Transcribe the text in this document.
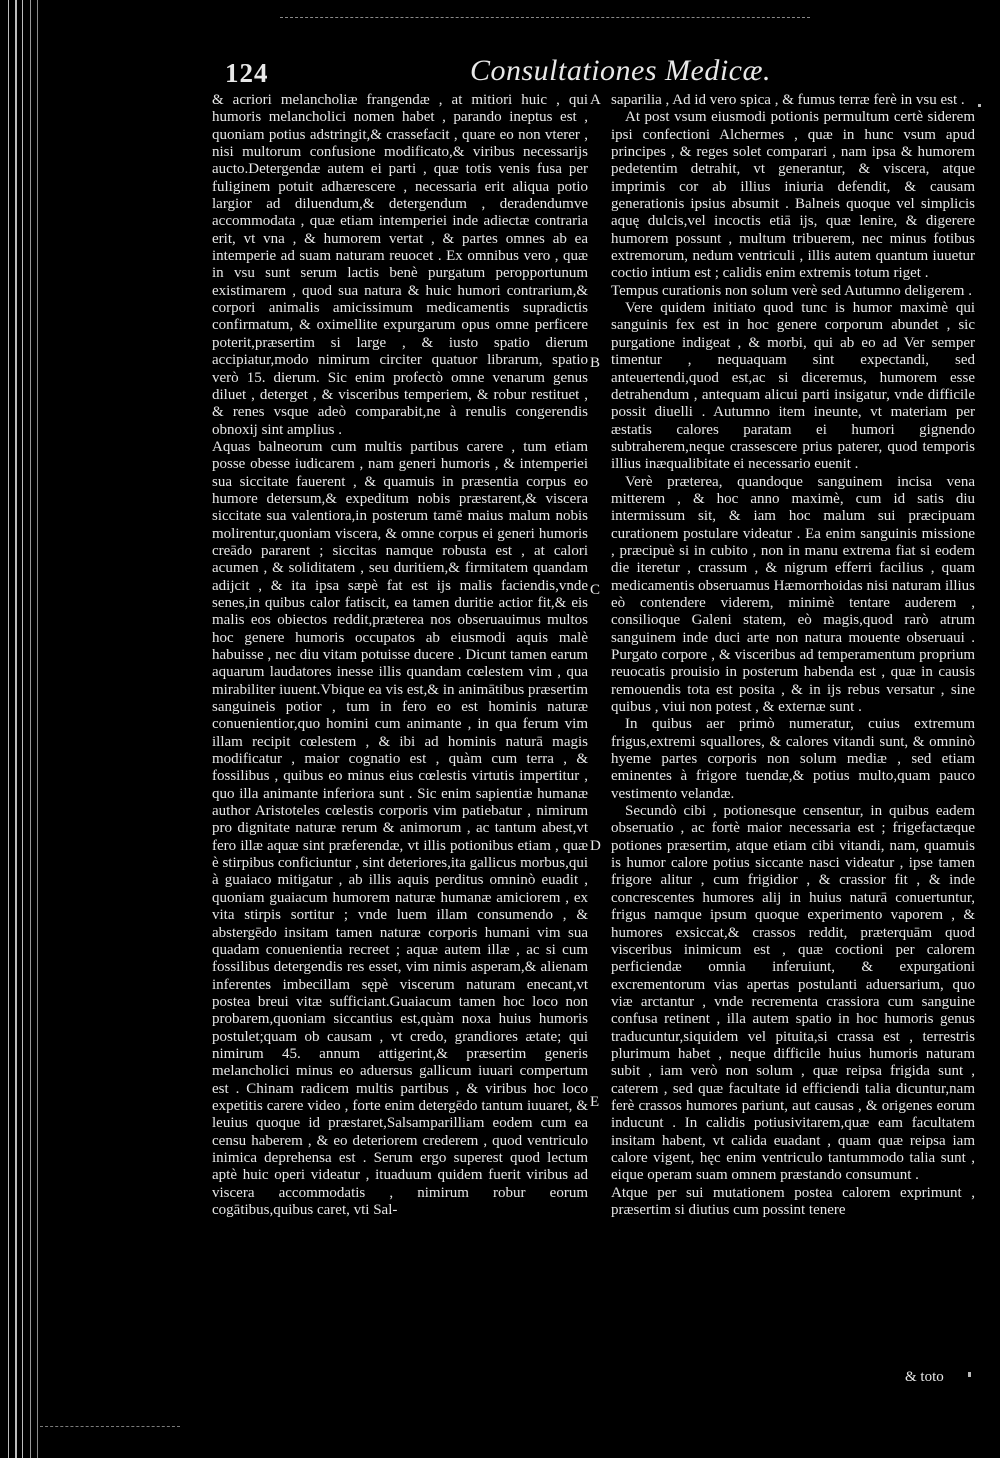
124	Consultationes Medicæ.

& acriori melancholiæ frangendæ , at mitiori huic , qui humoris melancholici nomen habet , parando ineptus est , quoniam potius adstringit,& crassefacit , quare eo non vterer , nisi multorum confusione modificato,& viribus necessarijs aucto.Detergendæ autem ei parti , quæ totis venis fusa per fuliginem potuit adhærescere , necessaria erit aliqua potio largior ad diluendum,& detergendum , deradendumve accommodata , quæ etiam intemperiei inde adiectæ contraria erit, vt vna , & humorem vertat , & partes omnes ab ea intemperie ad suam naturam reuocet . Ex omnibus vero , quæ in vsu sunt serum lactis benè purgatum peropportunum existimarem , quod sua natura & huic humori contrarium,& corpori animalis amicissimum medicamentis supradictis confirmatum, & oximellite expurgarum opus omne perficere poterit,præsertim si large , & iusto spatio dierum accipiatur,modo nimirum circiter quatuor librarum, spatio verò 15. dierum. Sic enim profectò omne venarum genus diluet , deterget , & visceribus temperiem, & robur restituet , & renes vsque adeò comparabit,ne à renulis congerendis obnoxij sint amplius .

Aquas balneorum cum multis partibus carere , tum etiam posse obesse iudicarem , nam generi humoris , & intemperiei sua siccitate fauerent , & quamuis in præsentia corpus eo humore detersum,& expeditum nobis præstarent,& viscera siccitate sua valentiora,in posterum tamē maius malum nobis molirentur,quoniam viscera, & omne corpus ei generi humoris creādo pararent ; siccitas namque robusta est , at calori acumen , & soliditatem , seu duritiem,& firmitatem quandam adijcit , & ita ipsa sæpè fat est ijs malis faciendis,vnde senes,in quibus calor fatiscit, ea tamen duritie actior fit,& eis malis eos obiectos reddit,præterea nos obseruauimus multos hoc genere humoris occupatos ab eiusmodi aquis malè habuisse , nec diu vitam potuisse ducere . Dicunt tamen earum aquarum laudatores inesse illis quandam cœlestem vim , qua mirabiliter iuuent.Vbique ea vis est,& in animātibus præsertim sanguineis potior , tum in fero eo est hominis naturæ conuenientior,quo homini cum animante , in qua ferum vim illam recipit cœlestem , & ibi ad hominis naturā magis modificatur , maior cognatio est , quàm cum terra , & fossilibus , quibus eo minus eius cœlestis virtutis impertitur , quo illa animante inferiora sunt . Sic enim sapientiæ humanæ author Aristoteles cœlestis corporis vim patiebatur , nimirum pro dignitate naturæ rerum & animorum , ac tantum abest,vt fero illæ aquæ sint præferendæ, vt illis potionibus etiam , quæ è stirpibus conficiuntur , sint deteriores,ita gallicus morbus,qui à guaiaco mitigatur , ab illis aquis perditus omninò euadit , quoniam guaiacum humorem naturæ humanæ amiciorem , ex vita stirpis sortitur ; vnde luem illam consumendo , & abstergēdo insitam tamen naturæ corporis humani vim sua quadam conuenientia recreet ; aquæ autem illæ , ac si cum fossilibus detergendis res esset, vim nimis asperam,& alienam inferentes imbecillam sępè viscerum naturam enecant,vt postea breui vitæ sufficiant.Guaiacum tamen hoc loco non probarem,quoniam siccantius est,quàm noxa huius humoris postulet;quam ob causam , vt credo, grandiores ætate; qui nimirum 45. annum attigerint,& præsertim generis melancholici minus eo aduersus gallicum iuuari compertum est . Chinam radicem multis partibus , & viribus hoc loco expetitis carere video , forte enim detergēdo tantum iuuaret, & leuius quoque id præstaret,Salsamparilliam eodem cum ea censu haberem , & eo deteriorem crederem , quod ventriculo inimica deprehensa est . Serum ergo superest quod lectum aptè huic operi videatur , ituaduum quidem fuerit viribus ad viscera accommodatis , nimirum robur eorum cogātibus,quibus caret, vti Sal-

A
B
C
D
E

saparilia , Ad id vero spica , & fumus terræ ferè in vsu est .

At post vsum eiusmodi potionis permultum certè siderem ipsi confectioni Alchermes , quæ in hunc vsum apud principes , & reges solet comparari , nam ipsa & humorem pedetentim detrahit, vt generantur, & viscera, atque imprimis cor ab illius iniuria defendit, & causam generationis ipsius absumit . Balneis quoque vel simplicis aquę dulcis,vel incoctis etiā ijs, quæ lenire, & digerere humorem possunt , multum tribuerem, nec minus fotibus extremorum, nedum ventriculi , illis autem quantum iuuetur coctio intium est ; calidis enim extremis totum riget .

Tempus curationis non solum verè sed Autumno deligerem .

Vere quidem initiato quod tunc is humor maximè qui sanguinis fex est in hoc genere corporum abundet , sic purgatione indigeat , & morbi, qui ab eo ad Ver semper timentur , nequaquam sint expectandi, sed anteuertendi,quod est,ac si diceremus, humorem esse detrahendum , antequam alicui parti insigatur, vnde difficile possit diuelli . Autumno item ineunte, vt materiam per æstatis calores paratam ei humori gignendo subtraherem,neque crassescere prius paterer, quod temporis illius inæqualibitate ei necessario euenit .

Verè præterea, quandoque sanguinem incisa vena mitterem , & hoc anno maximè, cum id satis diu intermissum sit, & iam hoc malum sui præcipuam curationem postulare videatur . Ea enim sanguinis missione , præcipuè si in cubito , non in manu extrema fiat si eodem die iteretur , crassum , & nigrum efferri facilius , quam medicamentis obseruamus Hæmorrhoidas nisi naturam illius eò contendere viderem, minimè tentare auderem , consilioque Galeni statem, eò magis,quod rarò atrum sanguinem inde duci arte non natura mouente obseruaui . Purgato corpore , & visceribus ad temperamentum proprium reuocatis prouisio in posterum habenda est , quæ in causis remouendis tota est posita , & in ijs rebus versatur , sine quibus , viui non potest , & externæ sunt .

In quibus aer primò numeratur, cuius extremum frigus,extremi squallores, & calores vitandi sunt, & omninò hyeme partes corporis non solum mediæ , sed etiam eminentes à frigore tuendæ,& potius multo,quam pauco vestimento velandæ.

Secundò cibi , potionesque censentur, in quibus eadem obseruatio , ac fortè maior necessaria est ; frigefactæque potiones præsertim, atque etiam cibi vitandi, nam, quamuis is humor calore potius siccante nasci videatur , ipse tamen frigore alitur , cum frigidior , & crassior fit , & inde concrescentes humores alij in huius naturā conuertuntur, frigus namque ipsum quoque experimento vaporem , & humores exsiccat,& crassos reddit, præterquām quod visceribus inimicum est , quæ coctioni per calorem perficiendæ omnia inferuiunt, & expurgationi excrementorum vias apertas postulanti aduersarium, quo viæ arctantur , vnde recrementa crassiora cum sanguine confusa retinent , illa autem spatio in hoc humoris genus traducuntur,siquidem vel pituita,si crassa est , terrestris plurimum habet , neque difficile huius humoris naturam subit , iam verò non solum , quæ reipsa frigida sunt , caterem , sed quæ facultate id efficiendi talia dicuntur,nam ferè crassos humores pariunt, aut causas , & origenes eorum inducunt . In calidis potiusivitarem,quæ eam facultatem insitam habent, vt calida euadant , quam quæ reipsa iam calore vigent, hęc enim ventriculo tantummodo talia sunt , eique operam suam omnem præstando consumunt .

Atque per sui mutationem postea calorem exprimunt , præsertim si diutius cum possint tenere

& toto
